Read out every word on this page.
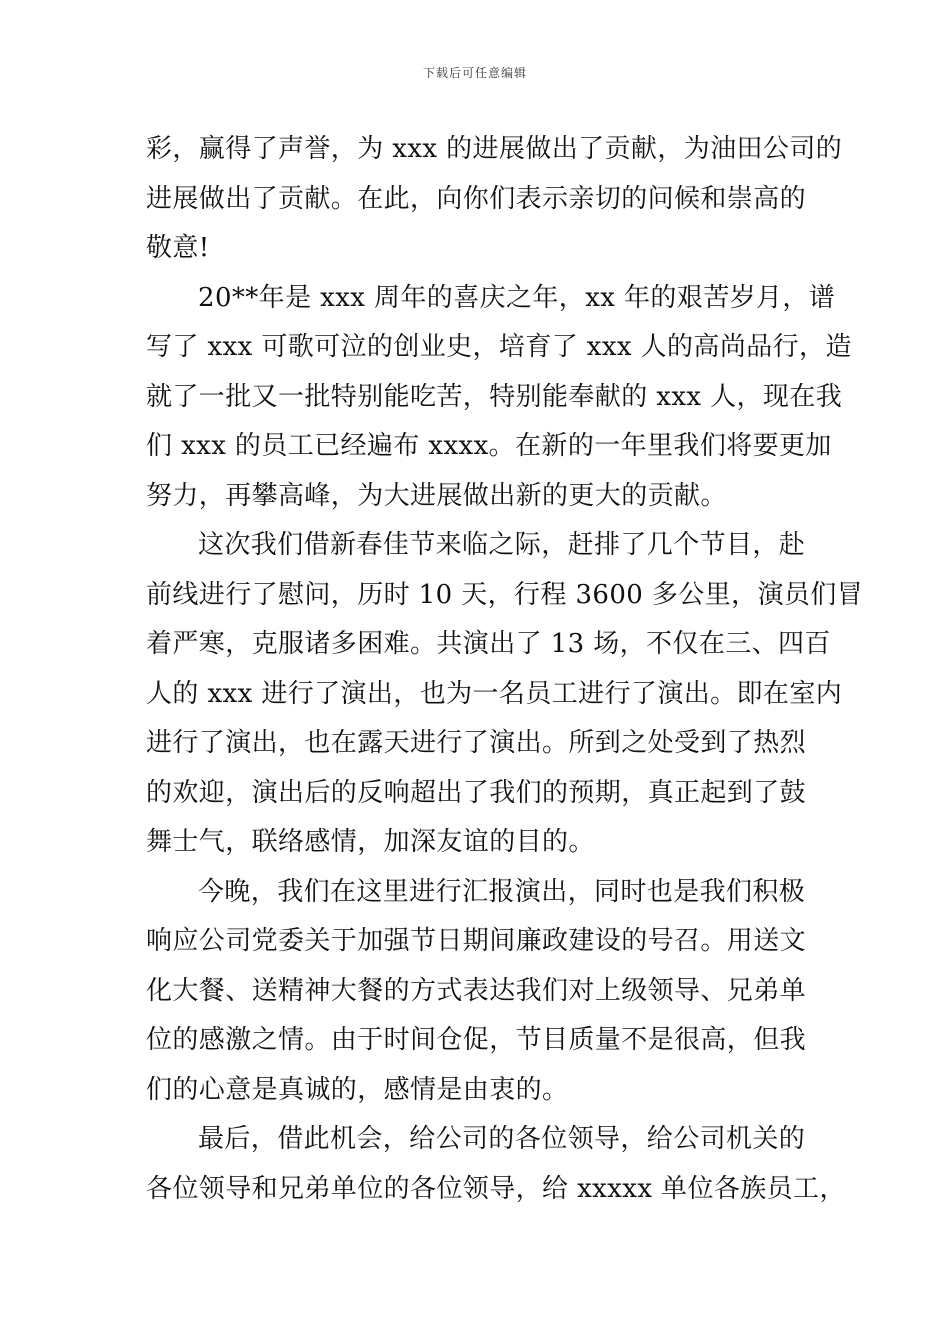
下载后可任意编辑
彩，赢得了声誉，为 xxx 的进展做出了贡献，为油田公司的
进展做出了贡献。在此，向你们表示亲切的问候和崇高的
敬意!
20**年是 xxx 周年的喜庆之年，xx 年的艰苦岁月，谱
写了 xxx 可歌可泣的创业史，培育了 xxx 人的高尚品行，造
就了一批又一批特别能吃苦，特别能奉献的 xxx 人，现在我
们 xxx 的员工已经遍布 xxxx。在新的一年里我们将要更加
努力，再攀高峰，为大进展做出新的更大的贡献。
这次我们借新春佳节来临之际，赶排了几个节目，赴
前线进行了慰问，历时 10 天，行程 3600 多公里，演员们冒
着严寒，克服诸多困难。共演出了 13 场，不仅在三、四百
人的 xxx 进行了演出，也为一名员工进行了演出。即在室内
进行了演出，也在露天进行了演出。所到之处受到了热烈
的欢迎，演出后的反响超出了我们的预期，真正起到了鼓
舞士气，联络感情，加深友谊的目的。
今晚，我们在这里进行汇报演出，同时也是我们积极
响应公司党委关于加强节日期间廉政建设的号召。用送文
化大餐、送精神大餐的方式表达我们对上级领导、兄弟单
位的感激之情。由于时间仓促，节目质量不是很高，但我
们的心意是真诚的，感情是由衷的。
最后，借此机会，给公司的各位领导，给公司机关的
各位领导和兄弟单位的各位领导，给 xxxxx 单位各族员工，
